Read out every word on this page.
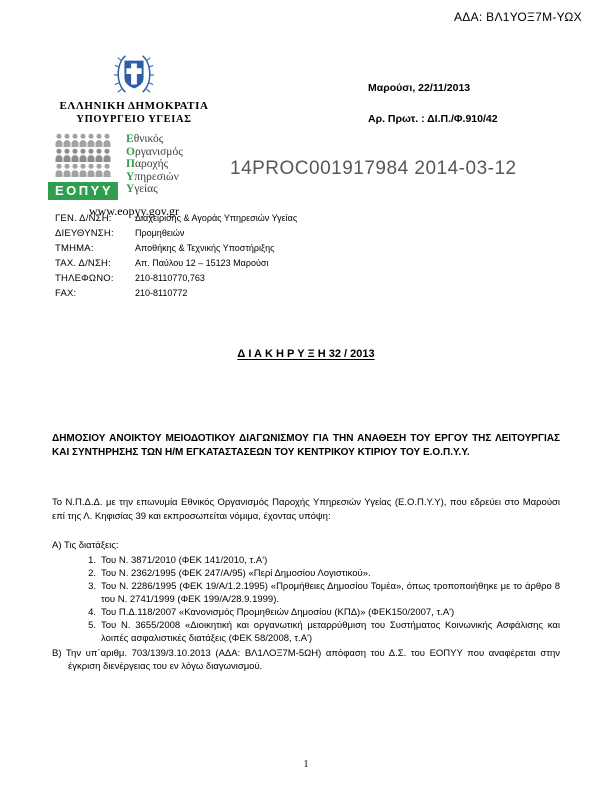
ΑΔΑ: ΒΛ1ΥΟΞ7Μ-ΥΩΧ
ΕΛΛΗΝΙΚΗ ΔΗΜΟΚΡΑΤΙΑ
ΥΠΟΥΡΓΕΙΟ ΥΓΕΙΑΣ
ΕΟΠΥΥ
Εθνικός
Οργανισμός
Παροχής
Υπηρεσιών
Υγείας
www.eopyy.gov.gr
Μαρούσι, 22/11/2013
Αρ. Πρωτ. : ΔΙ.Π./Φ.910/42
14PROC001917984 2014-03-12
ΓΕΝ. Δ/ΝΣΗ:	Διαχείρισης & Αγοράς Υπηρεσιών Υγείας
ΔΙΕΥΘΥΝΣΗ:	Προμηθειών
ΤΜΗΜΑ:	Αποθήκης & Τεχνικής Υποστήριξης
ΤΑΧ. Δ/ΝΣΗ:	Απ. Παύλου 12 – 15123 Μαρούσι
ΤΗΛΕΦΩΝΟ:	210-8110770,763
FAX:	210-8110772
Δ Ι Α Κ Η Ρ Υ Ξ Η 32 / 2013
ΔΗΜΟΣΙΟΥ ΑΝΟΙΚΤΟΥ ΜΕΙΟΔΟΤΙΚΟΥ ΔΙΑΓΩΝΙΣΜΟΥ ΓΙΑ ΤΗΝ ΑΝΑΘΕΣΗ ΤΟΥ ΕΡΓΟΥ ΤΗΣ ΛΕΙΤΟΥΡΓΙΑΣ ΚΑΙ ΣΥΝΤΗΡΗΣΗΣ ΤΩΝ Η/Μ ΕΓΚΑΤΑΣΤΑΣΕΩΝ ΤΟΥ ΚΕΝΤΡΙΚΟΥ ΚΤΙΡΙΟΥ ΤΟΥ Ε.Ο.Π.Υ.Υ.
Το Ν.Π.Δ.Δ. με την επωνυμία Εθνικός Οργανισμός Παροχής Υπηρεσιών Υγείας (Ε.Ο.Π.Υ.Υ), που εδρεύει στο Μαρούσι επί της Λ. Κηφισίας 39 και εκπροσωπείται νόμιμα, έχοντας υπόψη:
Α) Τις διατάξεις:
1. Του Ν. 3871/2010 (ΦΕΚ 141/2010, τ.Α')
2. Του Ν. 2362/1995 (ΦΕΚ 247/Α/95) «Περί Δημοσίου Λογιστικού».
3. Του Ν. 2286/1995 (ΦΕΚ 19/Α/1.2.1995) «Προμήθειες Δημοσίου Τομέα», όπως τροποποιήθηκε με το άρθρο 8 του Ν. 2741/1999 (ΦΕΚ 199/Α/28.9.1999).
4. Του Π.Δ.118/2007 «Κανονισμός Προμηθειών Δημοσίου (ΚΠΔ)» (ΦΕΚ150/2007, τ.Α')
5. Του Ν. 3655/2008 «Διοικητική και οργανωτική μεταρρύθμιση του Συστήματος Κοινωνικής Ασφάλισης και λοιπές ασφαλιστικές διατάξεις (ΦΕΚ 58/2008, τ.Α')
Β) Την υπ΄αριθμ. 703/139/3.10.2013 (ΑΔΑ: ΒΛ1ΛΟΞ7Μ-5ΩΗ) απόφαση του Δ.Σ. του ΕΟΠΥΥ που αναφέρεται στην έγκριση διενέργειας του εν λόγω διαγωνισμού.
1
